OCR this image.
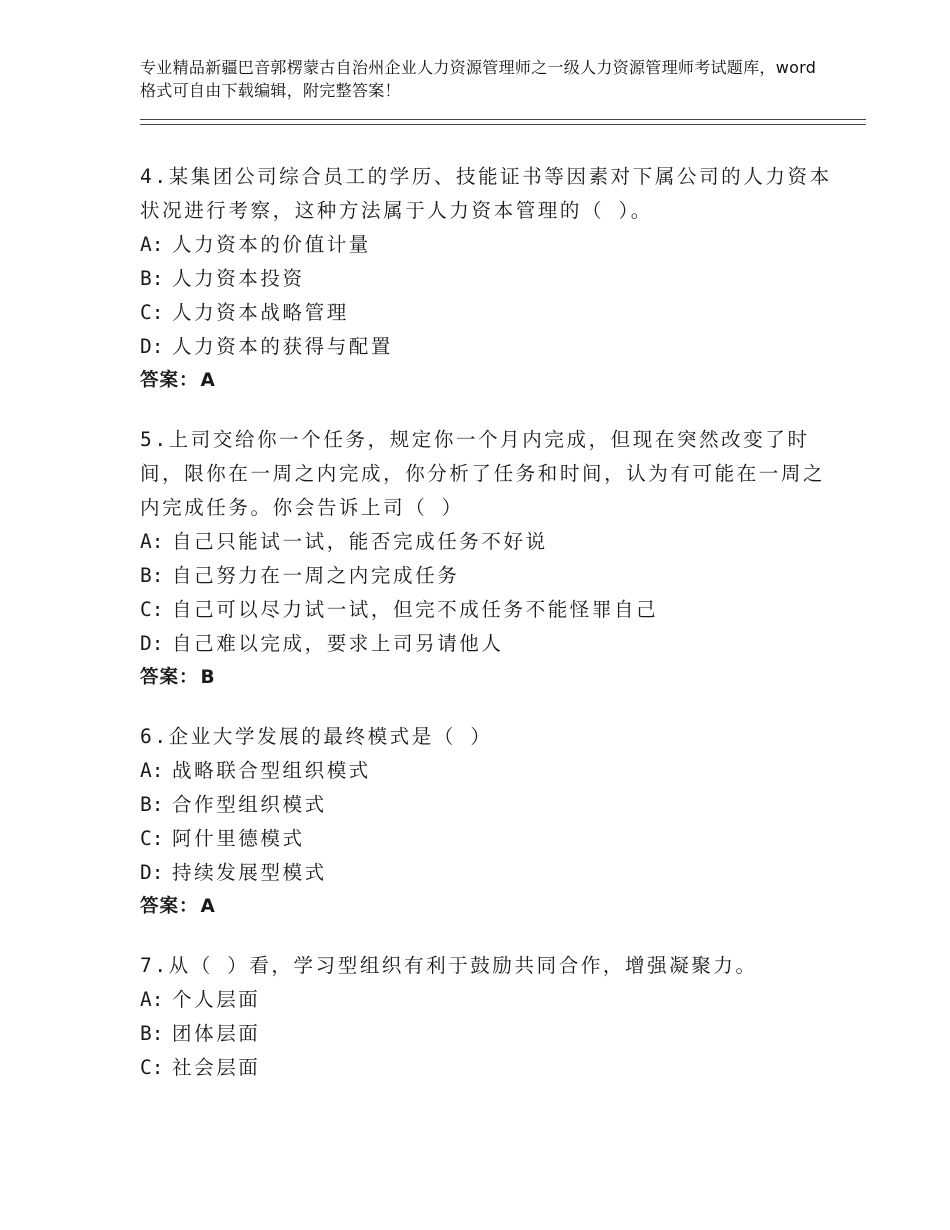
专业精品新疆巴音郭楞蒙古自治州企业人力资源管理师之一级人力资源管理师考试题库，word格式可自由下载编辑，附完整答案！

4.某集团公司综合员工的学历、技能证书等因素对下属公司的人力资本状况进行考察，这种方法属于人力资本管理的（ ）。

A: 人力资本的价值计量

B: 人力资本投资

C: 人力资本战略管理

D: 人力资本的获得与配置

答案： A

5.上司交给你一个任务，规定你一个月内完成，但现在突然改变了时间，限你在一周之内完成，你分析了任务和时间，认为有可能在一周之内完成任务。你会告诉上司（ ）

A: 自己只能试一试，能否完成任务不好说

B: 自己努力在一周之内完成任务

C: 自己可以尽力试一试，但完不成任务不能怪罪自己

D: 自己难以完成，要求上司另请他人

答案： B

6.企业大学发展的最终模式是（ ）

A: 战略联合型组织模式

B: 合作型组织模式

C: 阿什里德模式

D: 持续发展型模式

答案： A

7.从（ ）看，学习型组织有利于鼓励共同合作，增强凝聚力。

A: 个人层面

B: 团体层面

C: 社会层面
